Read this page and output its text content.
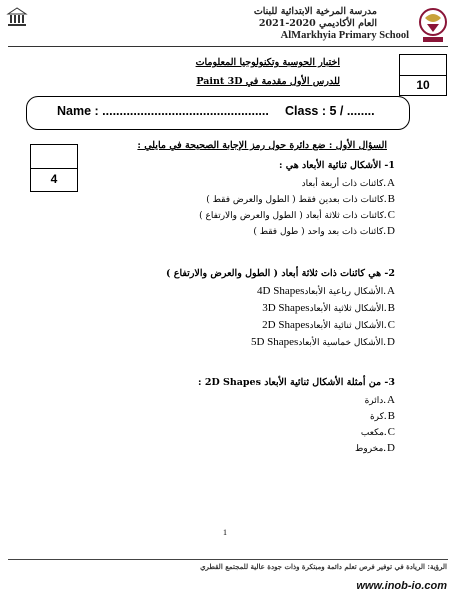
مدرسة المرخية الابتدائية للبنات
العام الأكاديمي 2020-2021
AlMarkhyia Primary School
10
اختبار الحوسبة وتكنولوجيا المعلومات
للدرس الأول مقدمة في Paint 3D
Name : ................................................ Class : 5 / ........
4
السؤال الأول : ضع دائرة حول رمز الإجابة الصحيحة في مايلي :
1- الأشكال ثنائية الأبعاد هي :
A
.
كائنات ذات أربعة أبعاد
B
.
كائنات ذات بعدين فقط ( الطول والعرض فقط )
C
.
كائنات ذات ثلاثة أبعاد ( الطول والعرض والارتفاع )
D
.
كائنات ذات بعد واحد ( طول فقط )
2- هي كائنات ذات ثلاثة أبعاد ( الطول والعرض والارتفاع )
A
.
الأشكال رباعية الأبعاد
4D Shapes
B
.
الأشكال ثلاثية الأبعاد
3D Shapes
C
.
الأشكال ثنائية الأبعاد
2D Shapes
D
.
الأشكال خماسية الأبعاد
5D Shapes
3- من أمثلة الأشكال ثنائية الأبعاد 2D Shapes :
A
.
دائرة
B
.
كرة
C
.
مكعب
D
.
مخروط
1
الرؤية: الريادة في توفير فرص تعلم دائمة ومبتكرة وذات جودة عالية للمجتمع القطري
www.inob-io.com
